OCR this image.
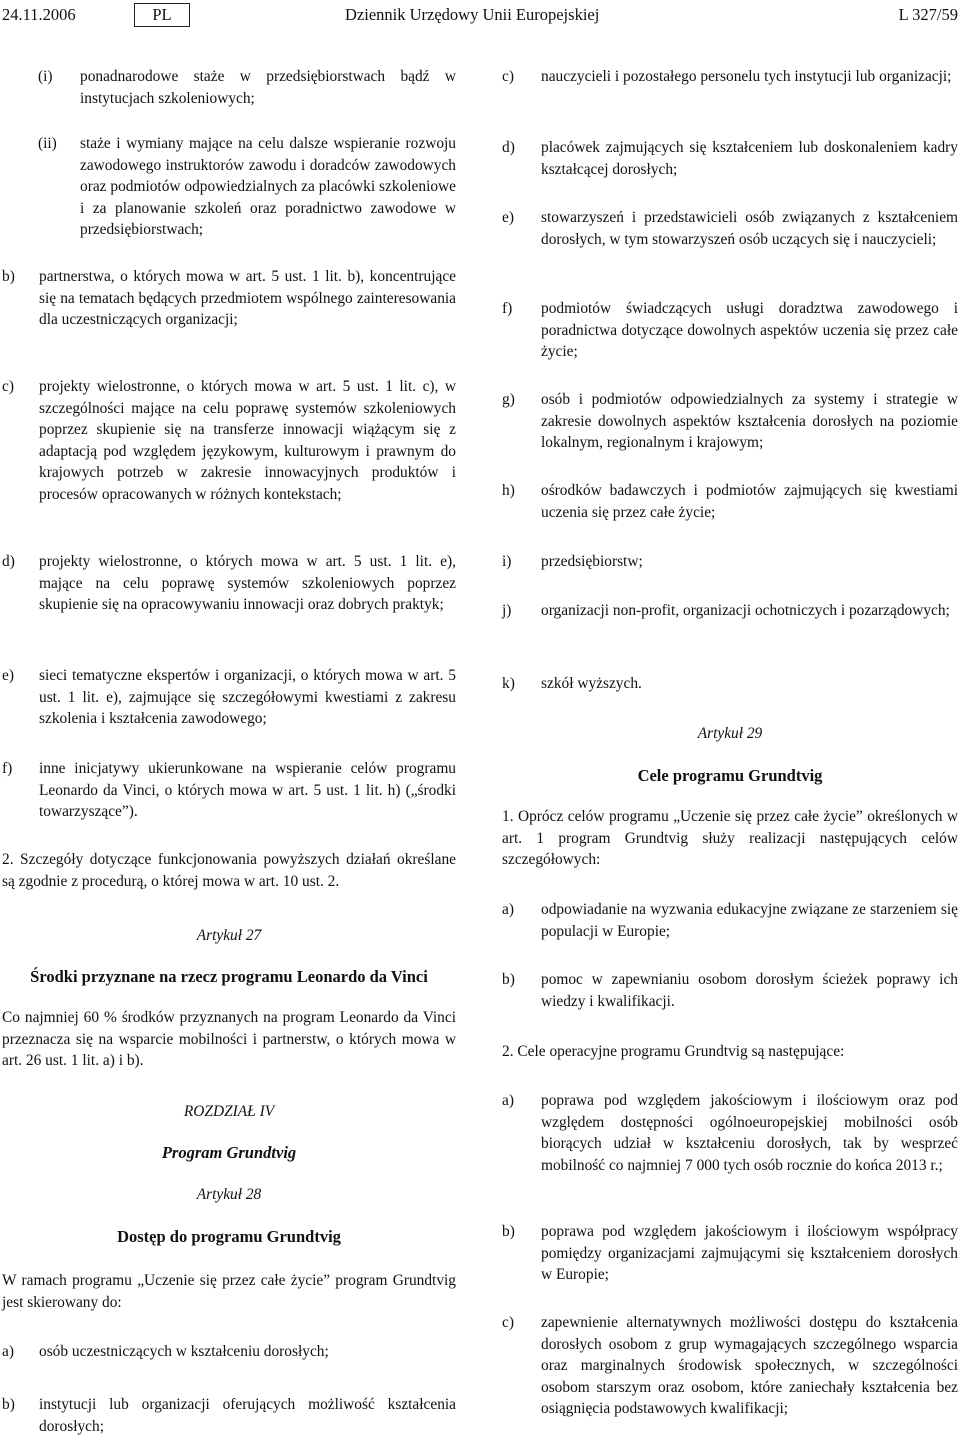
24.11.2006	PL	Dziennik Urzędowy Unii Europejskiej	L 327/59
(i) ponadnarodowe staże w przedsiębiorstwach bądź w instytucjach szkoleniowych;
(ii) staże i wymiany mające na celu dalsze wspieranie rozwoju zawodowego instruktorów zawodu i doradców zawodowych oraz podmiotów odpowiedzialnych za placówki szkoleniowe i za planowanie szkoleń oraz poradnictwo zawodowe w przedsiębiorstwach;
b) partnerstwa, o których mowa w art. 5 ust. 1 lit. b), koncentrujące się na tematach będących przedmiotem wspólnego zainteresowania dla uczestniczących organizacji;
c) projekty wielostronne, o których mowa w art. 5 ust. 1 lit. c), w szczególności mające na celu poprawę systemów szkoleniowych poprzez skupienie się na transferze innowacji wiążącym się z adaptacją pod względem językowym, kulturowym i prawnym do krajowych potrzeb w zakresie innowacyjnych produktów i procesów opracowanych w różnych kontekstach;
d) projekty wielostronne, o których mowa w art. 5 ust. 1 lit. e), mające na celu poprawę systemów szkoleniowych poprzez skupienie się na opracowywaniu innowacji oraz dobrych praktyk;
e) sieci tematyczne ekspertów i organizacji, o których mowa w art. 5 ust. 1 lit. e), zajmujące się szczegółowymi kwestiami z zakresu szkolenia i kształcenia zawodowego;
f) inne inicjatywy ukierunkowane na wspieranie celów programu Leonardo da Vinci, o których mowa w art. 5 ust. 1 lit. h) („środki towarzyszące”).
2. Szczegóły dotyczące funkcjonowania powyższych działań określane są zgodnie z procedurą, o której mowa w art. 10 ust. 2.
Artykuł 27
Środki przyznane na rzecz programu Leonardo da Vinci
Co najmniej 60 % środków przyznanych na program Leonardo da Vinci przeznacza się na wsparcie mobilności i partnerstw, o których mowa w art. 26 ust. 1 lit. a) i b).
ROZDZIAŁ IV
Program Grundtvig
Artykuł 28
Dostęp do programu Grundtvig
W ramach programu „Uczenie się przez całe życie” program Grundtvig jest skierowany do:
a) osób uczestniczących w kształceniu dorosłych;
b) instytucji lub organizacji oferujących możliwość kształcenia dorosłych;
c) nauczycieli i pozostałego personelu tych instytucji lub organizacji;
d) placówek zajmujących się kształceniem lub doskonaleniem kadry kształcącej dorosłych;
e) stowarzyszeń i przedstawicieli osób związanych z kształceniem dorosłych, w tym stowarzyszeń osób uczących się i nauczycieli;
f) podmiotów świadczących usługi doradztwa zawodowego i poradnictwa dotyczące dowolnych aspektów uczenia się przez całe życie;
g) osób i podmiotów odpowiedzialnych za systemy i strategie w zakresie dowolnych aspektów kształcenia dorosłych na poziomie lokalnym, regionalnym i krajowym;
h) ośrodków badawczych i podmiotów zajmujących się kwestiami uczenia się przez całe życie;
i) przedsiębiorstw;
j) organizacji non-profit, organizacji ochotniczych i pozarządowych;
k) szkół wyższych.
Artykuł 29
Cele programu Grundtvig
1. Oprócz celów programu „Uczenie się przez całe życie” określonych w art. 1 program Grundtvig służy realizacji następujących celów szczegółowych:
a) odpowiadanie na wyzwania edukacyjne związane ze starzeniem się populacji w Europie;
b) pomoc w zapewnianiu osobom dorosłym ścieżek poprawy ich wiedzy i kwalifikacji.
2. Cele operacyjne programu Grundtvig są następujące:
a) poprawa pod względem jakościowym i ilościowym oraz pod względem dostępności ogólnoeuropejskiej mobilności osób biorących udział w kształceniu dorosłych, tak by wesprzeć mobilność co najmniej 7 000 tych osób rocznie do końca 2013 r.;
b) poprawa pod względem jakościowym i ilościowym współpracy pomiędzy organizacjami zajmującymi się kształceniem dorosłych w Europie;
c) zapewnienie alternatywnych możliwości dostępu do kształcenia dorosłych osobom z grup wymagających szczególnego wsparcia oraz marginalnych środowisk społecznych, w szczególności osobom starszym oraz osobom, które zaniechały kształcenia bez osiągnięcia podstawowych kwalifikacji;
